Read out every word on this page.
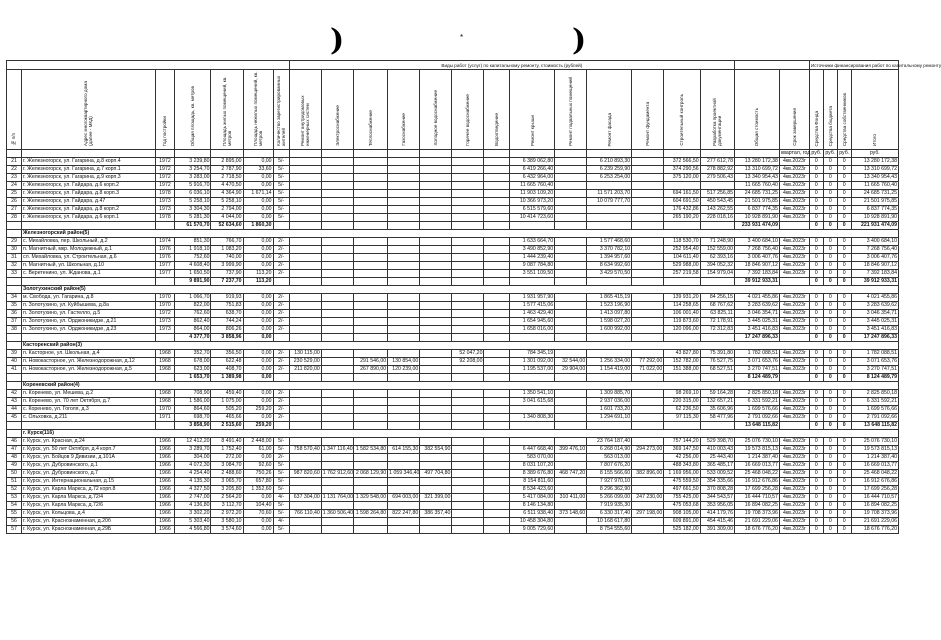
)	*	)
							Виды работ (услуг) по капитальному ремонту, стоимость (рублей)															Источники финансирования работ по капитальному ремонту			
№ п/п	Адрес многоквартирного дома (далее - МКД)	Год постройки	Общая площадь, кв. метров	Площадь жилых помещений, кв. метров	Площадь нежилых помещений, кв. метров	Количество зарегистрированных жителей	Ремонт внутридомовых инженерных систем	Электроснабжение	Теплоснабжение	Газоснабжение	Холодное водоснабжение	Горячее водоснабжение	Водоотведение	Ремонт крыши	Ремонт подвальных помещений	Ремонт фасада	Ремонт фундамента	Строительный контроль	Разработка проектной документации	Общая стоимость	Срок завершения	Средства Фонда	Средства бюджета	Средства собственников	Итого
																					квартал, год	руб.	руб.	руб.	руб.
21	г. Железногорск, ул. Гагарина, д.8 корп.4	1972	3 239,80	2 895,00	0,00	5/-								6 389 062,80		6 210 893,30		372 566,50	277 612,78	13 280 172,38	4кв.2023г	0	0	0	13 280 172,38
22	г. Железногорск, ул. Гагарина, д.7 корп.1	1972	3 254,70	2 787,90	33,60	5/-								6 419 266,40		6 239 259,90		374 290,56	278 882,92	13 310 699,72	4кв.2023г	0	0	0	13 310 699,72
23	г. Железногорск, ул. Гагарина, д.9 корп.3	1972	3 283,00	2 718,50	0,00	5/-								6 432 964,00		6 253 254,00		375 120,00	279 506,43	13 340 954,43	4кв.2023г	0	0	0	13 340 954,43
24	г. Железногорск, ул. Гайдара, д.6 корп.2	1972	5 916,70	4 470,50	0,00	5/-								11 665 760,40						11 665 760,40	4кв.2023г	0	0	0	11 665 760,40
25	г. Железногорск, ул. Гайдара, д.8 корп.3	1978	6 036,10	4 364,90	1 671,14	5/-								11 903 109,20		11 571 203,70		694 161,50	517 256,85	24 685 731,25	4кв.2023г	0	0	0	24 685 731,25
26	г. Железногорск, ул. Гайдара, д.47	1973	5 258,10	5 258,10	0,00	5/-								10 366 973,20		10 079 777,70		604 691,50	450 543,45	21 501 975,85	4кв.2023г	0	0	0	21 501 975,85
27	г. Железногорск, ул. Гайдара, д.8 корп.2	1973	3 304,30	2 794,00	0,00	5/-								6 515 579,60				176 432,86	143 262,55	6 837 774,35	4кв.2023г	0	0	0	6 837 774,35
28	г. Железногорск, ул. Гайдара, д.6 корп.1	1978	5 281,30	4 044,00	0,00	5/-								10 414 723,60				265 190,20	228 018,16	10 928 891,90	4кв.2023г	0	0	0	10 928 891,90
			61 570,70	52 634,60	1 860,30															233 931 474,09		0	0	0	221 931 474,09
	Железногорский район(5)																								
29	с. Михайловка, пер. Школьный, д.2	1974	851,30	766,70	0,00	2/-								1 633 664,70		1 577 468,60		118 530,70	71 248,90	3 400 684,10	4кв.2023г	0	0	0	3 400 684,10
30	п. Магнитный, мкр. Молодежный, д.1	1976	1 918,10	1 083,20	0,00	2/-								3 490 852,90		3 370 782,10		252 954,40	152 559,00	7 268 756,40	4кв.2023г	0	0	0	7 268 756,40
31	сл. Михайловка, ул. Строительная, д.6	1976	752,60	740,00	0,00	2/-								1 444 239,40		1 394 957,60		104 611,40	62 393,16	3 006 407,76	4кв.2023г	0	0	0	3 006 407,76
32	п. Магнитный, ул. Школьная, д.10	1977	4 608,40	3 999,90	0,00	2/-								9 087 784,80		8 634 992,60		529 988,00	394 052,32	18 846 907,12	4кв.2023г	0	0	0	18 846 907,12
33	с. Веретенино, ул. Жданова, д.1	1977	1 650,50	737,90	113,20	2/-								3 551 109,50		3 429 570,50		257 219,58	154 979,04	7 392 183,84	4кв.2023г	0	0	0	7 392 183,84
			9 891,90	7 237,70	113,20															39 912 933,31		0	0	0	39 912 933,31
	Золотухинский район(5)																								
34	м. Свобода, ул. Гагарина, д.8	1970	1 066,70	919,93	0,00	2/-								1 931 957,90		1 865 415,19		139 931,20	84 256,15	4 021 455,86	4кв.2023г	0	0	0	4 021 455,86
35	п. Золотухино, ул. Куйбышева, д.8а	1970	822,00	751,83	0,00	2/-								1 577 415,06		1 523 196,90		114 258,65	68 767,62	3 283 639,62	4кв.2023г	0	0	0	3 283 639,62
36	п. Золотухино, ул. Гастелло, д.5	1972	762,60	638,70	0,00	2/-								1 463 429,40		1 413 097,80		106 001,40	63 825,11	3 046 354,71	4кв.2023г	0	0	0	3 046 354,71
37	п. Золотухино, ул. Орджоникидзе, д.21	1973	862,40	744,24	0,00	2/-								1 654 945,60		1 598 027,20		119 873,60	72 178,91	3 445 025,31	4кв.2023г	0	0	0	3 445 025,31
38	п. Золотухино, ул. Орджоникидзе, д.23	1973	864,00	806,26	0,00	2/-								1 658 016,00		1 600 992,00		120 096,00	72 312,83	3 451 416,83	4кв.2023г	0	0	0	3 451 416,83
			4 377,70	3 858,96	0,00															17 247 896,33		0	0	0	17 247 896,33
	Касторенский район(3)																								
39	п. Касторное, ул. Школьная, д.4	1968	352,70	356,50	0,00	2/-	130 115,00					52 047,20		784 345,19				43 827,80	75 391,80	1 782 088,51	4кв.2023г	0	0	0	1 782 088,51
40	п. Новокасторное, ул. Железнодорожная, д.12	1968	678,00	622,48	0,00	2/-	230 529,00		291 546,00	130 854,00		92 208,00		1 301 092,00	32 544,00	1 256 334,00	77 292,00	152 782,00	76 527,75	3 071 653,76	4кв.2023г	0	0	0	3 071 653,76
41	п. Новокасторное, ул. Железнодорожная, д.5	1968	623,00	408,70	0,00	2/-	211 820,00		267 890,00	120 239,00				1 195 537,00	29 904,00	1 154 419,00	71 022,00	151 388,00	68 527,51	3 270 747,51	4кв.2023г	0	0	0	3 270 747,51
			1 653,70	1 389,98	0,00															8 124 489,79		0	0	0	8 124 489,79
	Кореневский район(4)																								
42	п. Коренево, ул. Мешева, д.2	1968	708,90	459,40	0,00	2/-								1 350 541,10		1 309 885,70		98 269,10	59 164,28	2 825 850,18	4кв.2023г	0	0	0	2 825 850,18
43	п. Коренево, ул. 70 лет Октября, д.7	1968	1 586,00	1 075,00	0,00	2/-								3 041 615,68		2 937 036,00		220 315,00	132 657,21	6 331 592,21	4кв.2023г	0	0	0	6 331 592,21
44	с. Коренево, ул. Гоголя, д.3	1970	864,60	505,20	259,20	2/-										1 601 733,20		62 236,50	35 606,96	1 699 576,66	4кв.2023г	0	0	0	1 699 576,66
45	с. Ольховка, д.211	1971	698,70	465,66	0,00	2/-								1 340 808,30		1 294 691,10		97 115,30	58 477,96	2 791 092,66	4кв.2023г	0	0	0	2 791 092,66
			3 858,90	2 515,60	259,20															13 648 115,82		0	0	0	13 648 115,82
	г. Курск(116)																								
46	г. Курск, ул. Красная, д.24	1966	12 412,20	8 491,40	2 448,00	5/-										23 764 187,40		757 144,20	529 398,70	25 076 730,10	4кв.2023г	0	0	0	25 076 730,10
47	г. Курск, ул. 50 лет Октября, д.4 корп.7	1966	3 289,70	1 752,40	61,00	5/-	758 570,40	1 347 116,40	1 582 534,80	614 155,30	382 554,90			6 447 668,40	399 476,10	6 268 014,90	294 273,00	369 147,50	410 003,43	19 573 815,13	4кв.2023г	0	0	0	19 573 815,13
48	г. Курск, ул. Бойцов 9 Дивизии, д.101А	1966	304,00	272,00	0,00	2/-								583 070,00		563 013,00		42 256,00	25 443,40	1 214 387,40	4кв.2023г	0	0	0	1 214 387,40
49	г. Курск, ул. Дубровинского, д.1	1966	4 072,30	3 084,70	92,60	5/-								8 031 107,20		7 807 676,20		488 343,80	365 485,17	16 669 013,77	4кв.2023г	0	0	0	16 669 013,77
50	г. Курск, ул. Дубровинского, д.7	1966	4 254,40	2 488,60	750,26	5/-	987 820,60	1 762 912,60	2 068 129,90	1 059 346,40	497 704,80			8 389 676,80	468 747,20	8 155 566,60	382 896,00	1 169 956,00	533 009,52	25 468 048,22	4кв.2023г	0	0	0	25 468 048,22
51	г. Курск, ул. Интернациональная, д.15	1966	4 135,30	3 065,70	657,80	5/-								8 154 811,60		7 927 970,10		475 559,50	354 335,66	16 912 676,86	4кв.2023г	0	0	0	16 912 676,86
52	г. Курск, ул. Карла Маркса, д.72 корп.8	1966	4 327,50	3 205,80	1 352,60	5/-								8 534 423,60		8 296 362,90		497 661,50	370 808,28	17 699 256,28	4кв.2023г	0	0	0	17 699 256,28
53	г. Курск, ул. Карла Маркса, д.72/4	1966	2 747,00	2 564,20	0,00	4/-	637 304,00	1 131 764,00	1 329 548,00	694 003,00	321 399,00			5 417 084,00	310 411,00	5 266 099,00	247 230,00	755 425,00	344 543,57	16 444 710,57	4кв.2023г	0	0	0	16 444 710,57
54	г. Курск, ул. Карла Маркса, д.72/6	1966	4 136,80	3 112,70	104,40	5/-								8 146 134,80		7 919 935,30		475 053,68	353 956,05	16 894 082,25	4кв.2023г	0	0	0	16 894 082,25
55	г. Курск, ул. Кольцова, д.4	1966	3 302,20	2 972,20	70,60	5/-	766 110,40	1 360 506,40	1 598 264,80	822 247,80	386 357,40			6 511 938,40	373 148,60	6 330 317,40	297 198,00	908 105,00	414 179,76	19 708 373,96	4кв.2023г	0	0	0	19 708 373,96
56	г. Курск, ул. Краснознаменная, д.20б	1966	5 303,40	3 580,10	0,00	4/-								10 458 304,80		10 168 617,80		609 891,00	454 415,46	21 691 229,06	4кв.2023г	0	0	0	21 691 229,06
57	г. Курск, ул. Краснознаменная, д.29Б	1966	4 566,80	3 574,60	0,00	5/-								9 005 729,60		8 754 555,60		525 182,00	391 309,00	18 676 776,20	4кв.2023г	0	0	0	18 676 776,20
